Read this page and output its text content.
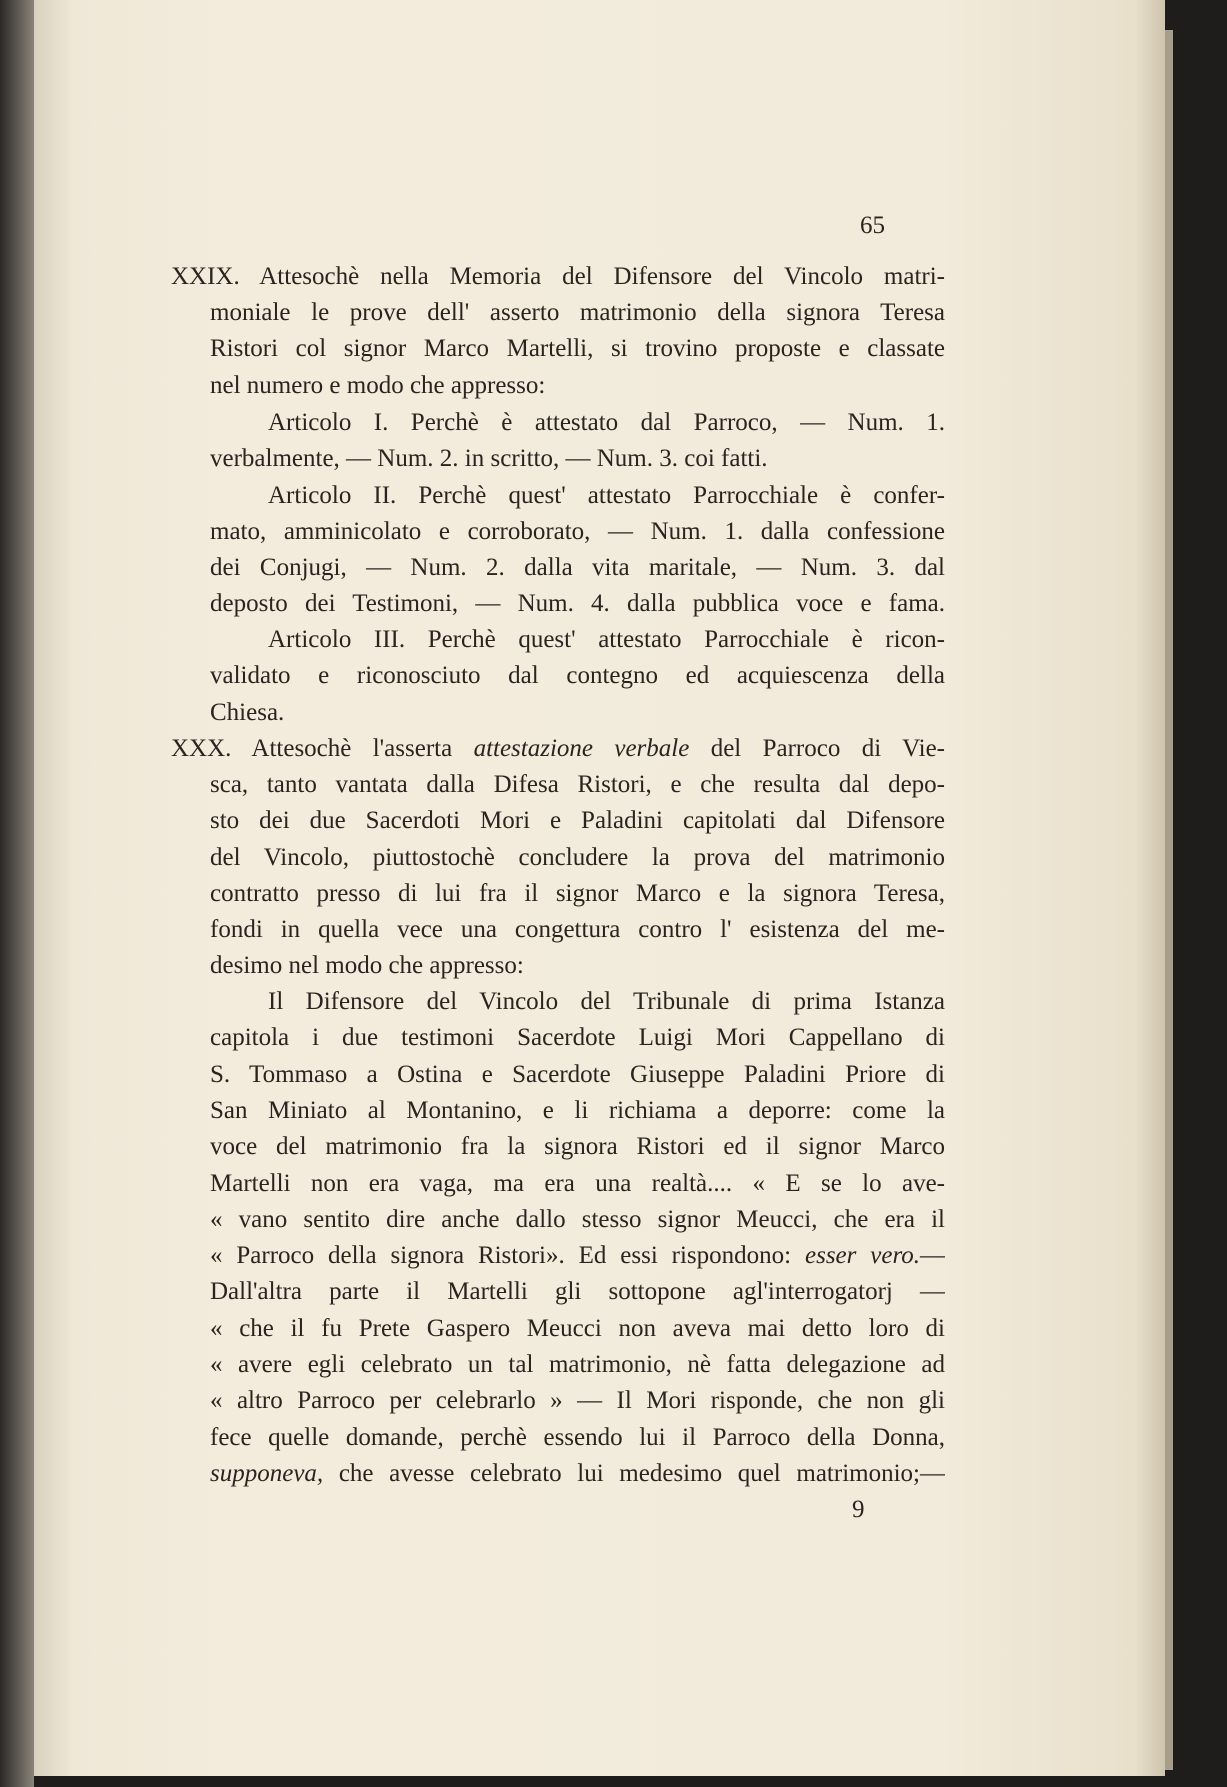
65
XXIX. Attesochè nella Memoria del Difensore del Vincolo matri-
moniale le prove dell' asserto matrimonio della signora Teresa
Ristori col signor Marco Martelli, si trovino proposte e classate
nel numero e modo che appresso:
Articolo I. Perchè è attestato dal Parroco, — Num. 1.
verbalmente, — Num. 2. in scritto, — Num. 3. coi fatti.
Articolo II. Perchè quest' attestato Parrocchiale è confer-
mato, amminicolato e corroborato, — Num. 1. dalla confessione
dei Conjugi, — Num. 2. dalla vita maritale, — Num. 3. dal
deposto dei Testimoni, — Num. 4. dalla pubblica voce e fama.
Articolo III. Perchè quest' attestato Parrocchiale è ricon-
validato e riconosciuto dal contegno ed acquiescenza della
Chiesa.
XXX. Attesochè l'asserta attestazione verbale del Parroco di Vie-
sca, tanto vantata dalla Difesa Ristori, e che resulta dal depo-
sto dei due Sacerdoti Mori e Paladini capitolati dal Difensore
del Vincolo, piuttostochè concludere la prova del matrimonio
contratto presso di lui fra il signor Marco e la signora Teresa,
fondi in quella vece una congettura contro l' esistenza del me-
desimo nel modo che appresso:
Il Difensore del Vincolo del Tribunale di prima Istanza
capitola i due testimoni Sacerdote Luigi Mori Cappellano di
S. Tommaso a Ostina e Sacerdote Giuseppe Paladini Priore di
San Miniato al Montanino, e li richiama a deporre: come la
voce del matrimonio fra la signora Ristori ed il signor Marco
Martelli non era vaga, ma era una realtà.... « E se lo ave-
« vano sentito dire anche dallo stesso signor Meucci, che era il
« Parroco della signora Ristori». Ed essi rispondono: esser vero.—
Dall'altra parte il Martelli gli sottopone agl'interrogatorj —
« che il fu Prete Gaspero Meucci non aveva mai detto loro di
« avere egli celebrato un tal matrimonio, nè fatta delegazione ad
« altro Parroco per celebrarlo » — Il Mori risponde, che non gli
fece quelle domande, perchè essendo lui il Parroco della Donna,
supponeva, che avesse celebrato lui medesimo quel matrimonio;—
9
